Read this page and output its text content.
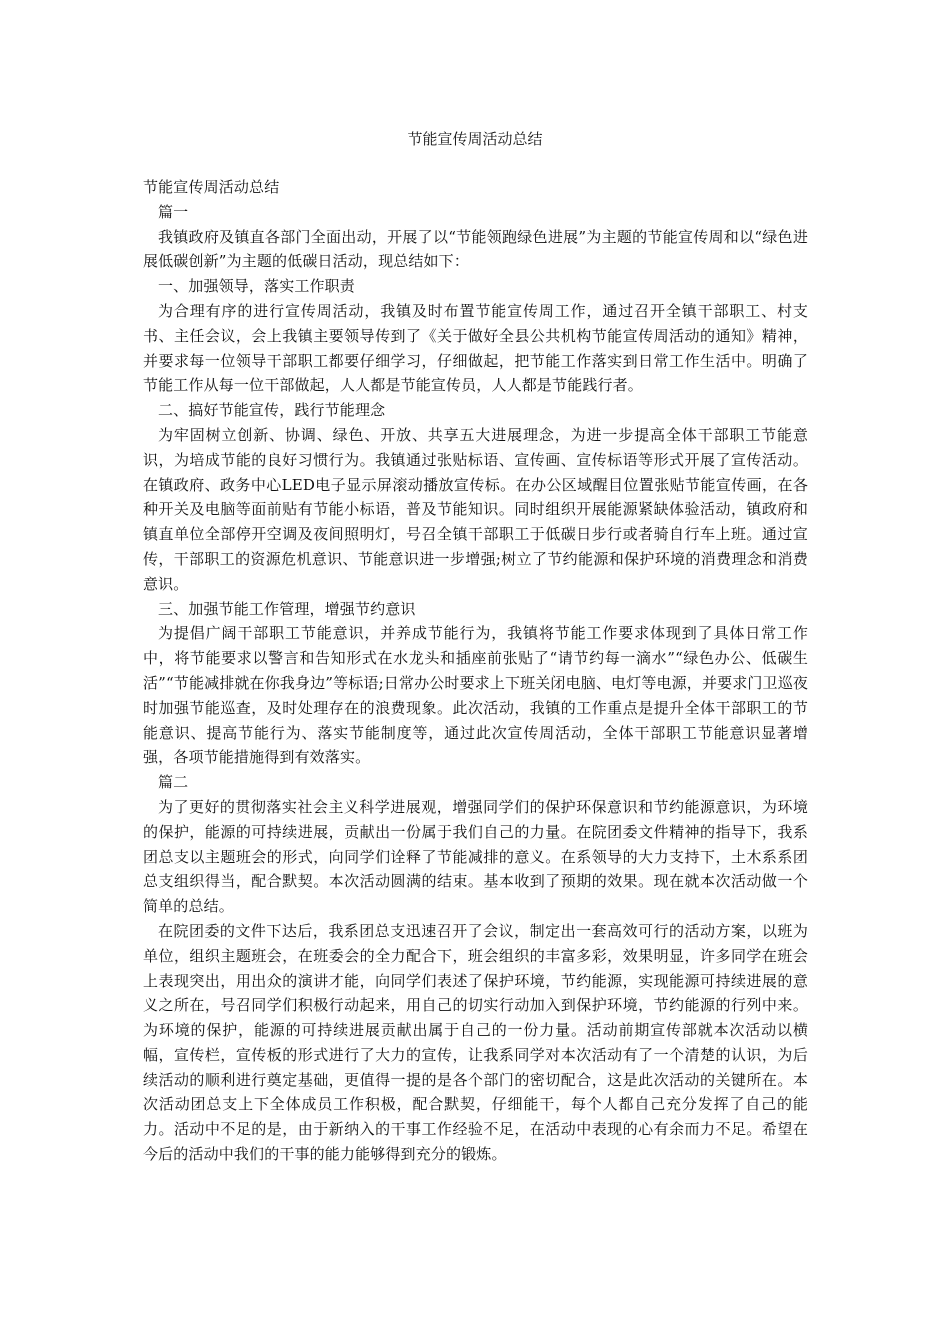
节能宣传周活动总结

节能宣传周活动总结

篇一

我镇政府及镇直各部门全面出动，开展了以“节能领跑绿色进展”为主题的节能宣传周和以“绿色进展低碳创新”为主题的低碳日活动，现总结如下：

一、加强领导，落实工作职责

为合理有序的进行宣传周活动，我镇及时布置节能宣传周工作，通过召开全镇干部职工、村支书、主任会议，会上我镇主要领导传到了《关于做好全县公共机构节能宣传周活动的通知》精神，并要求每一位领导干部职工都要仔细学习，仔细做起，把节能工作落实到日常工作生活中。明确了节能工作从每一位干部做起，人人都是节能宣传员，人人都是节能践行者。

二、搞好节能宣传，践行节能理念

为牢固树立创新、协调、绿色、开放、共享五大进展理念，为进一步提高全体干部职工节能意识，为培成节能的良好习惯行为。我镇通过张贴标语、宣传画、宣传标语等形式开展了宣传活动。在镇政府、政务中心LED电子显示屏滚动播放宣传标。在办公区域醒目位置张贴节能宣传画，在各种开关及电脑等面前贴有节能小标语，普及节能知识。同时组织开展能源紧缺体验活动，镇政府和镇直单位全部停开空调及夜间照明灯，号召全镇干部职工于低碳日步行或者骑自行车上班。通过宣传，干部职工的资源危机意识、节能意识进一步增强;树立了节约能源和保护环境的消费理念和消费意识。

三、加强节能工作管理，增强节约意识

为提倡广阔干部职工节能意识，并养成节能行为，我镇将节能工作要求体现到了具体日常工作中，将节能要求以警言和告知形式在水龙头和插座前张贴了“请节约每一滴水”“绿色办公、低碳生活”“节能减排就在你我身边”等标语;日常办公时要求上下班关闭电脑、电灯等电源，并要求门卫巡夜时加强节能巡查，及时处理存在的浪费现象。此次活动，我镇的工作重点是提升全体干部职工的节能意识、提高节能行为、落实节能制度等，通过此次宣传周活动，全体干部职工节能意识显著增强，各项节能措施得到有效落实。

篇二

为了更好的贯彻落实社会主义科学进展观，增强同学们的保护环保意识和节约能源意识，为环境的保护，能源的可持续进展，贡献出一份属于我们自己的力量。在院团委文件精神的指导下，我系团总支以主题班会的形式，向同学们诠释了节能减排的意义。在系领导的大力支持下，土木系系团总支组织得当，配合默契。本次活动圆满的结束。基本收到了预期的效果。现在就本次活动做一个简单的总结。

在院团委的文件下达后，我系团总支迅速召开了会议，制定出一套高效可行的活动方案，以班为单位，组织主题班会，在班委会的全力配合下，班会组织的丰富多彩，效果明显，许多同学在班会上表现突出，用出众的演讲才能，向同学们表述了保护环境，节约能源，实现能源可持续进展的意义之所在，号召同学们积极行动起来，用自己的切实行动加入到保护环境，节约能源的行列中来。为环境的保护，能源的可持续进展贡献出属于自己的一份力量。活动前期宣传部就本次活动以横幅，宣传栏，宣传板的形式进行了大力的宣传，让我系同学对本次活动有了一个清楚的认识，为后续活动的顺利进行奠定基础，更值得一提的是各个部门的密切配合，这是此次活动的关键所在。本次活动团总支上下全体成员工作积极，配合默契，仔细能干，每个人都自己充分发挥了自己的能力。活动中不足的是，由于新纳入的干事工作经验不足，在活动中表现的心有余而力不足。希望在今后的活动中我们的干事的能力能够得到充分的锻炼。
